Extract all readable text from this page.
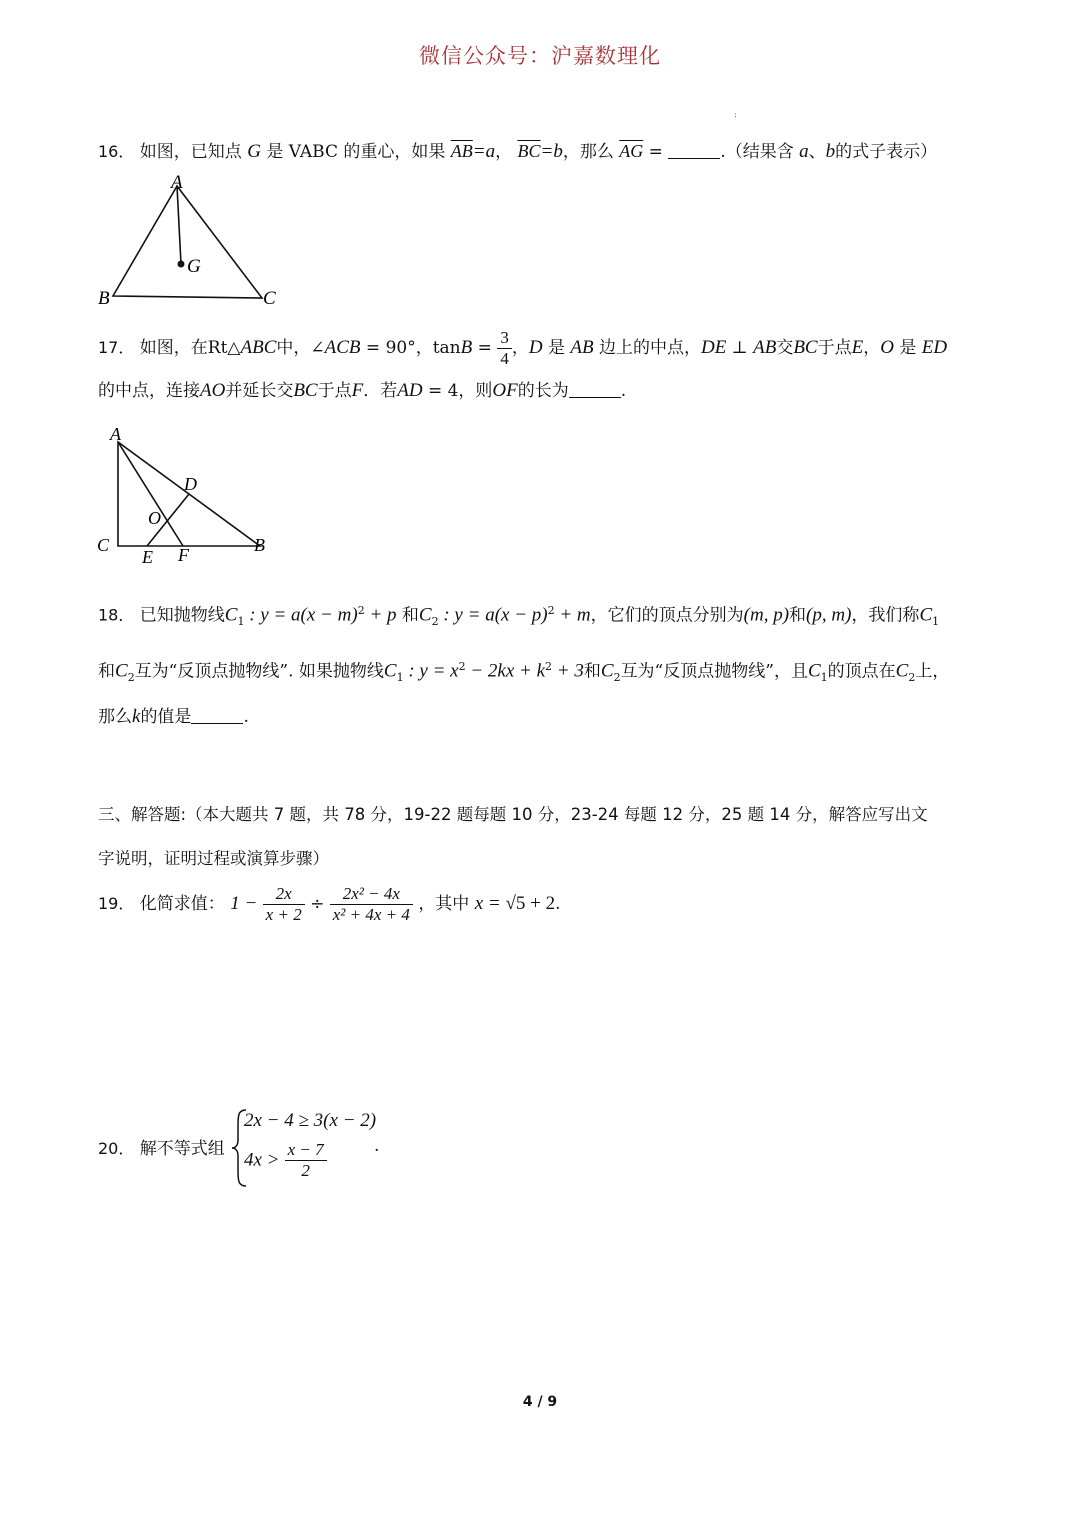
微信公众号：沪嘉数理化
:
16． 如图，已知点 G 是 VABC 的重心，如果 $\overline{AB}=a$， $\overline{BC}=b$，那么 $\overline{AG}$ =	.（结果含 a、b的式子表示）
A
G
B	C
17． 如图，在Rt△ABC中，∠ACB = 90°，$\tan B = \frac{3}{4}$ ，D 是 AB 边上的中点，DE ⊥ AB交BC于点E，O 是 ED
的中点，连接AO并延长交BC于点F．若AD = 4，则OF的长为	.
A
D
O
C
E F	B
18． 已知抛物线$C_1$ : $y = a(x - m)^2 + p$ 和$C_2$ : $y = a(x - p)^2 + m$，它们的顶点分别为(m, p)和(p, m)，我们称$C_1$
和$C_2$互为“反顶点抛物线”. 如果抛物线$C_1$ : $y = x^2 - 2kx + k^2 + 3$和$C_2$互为“反顶点抛物线”，且$C_1$的顶点在$C_2$上，
那么k的值是	.
三、解答题:（本大题共 7 题，共 78 分，19-22 题每题 10 分，23-24 每题 12 分，25 题 14 分，解答应写出文
字说明，证明过程或演算步骤）
19． 化简求值： $1 - \frac{2x}{x + 2} \div \frac{\text{2x² − 4x}}{\text{x² + 4x + 4}}$ ，其中 x = √5 + 2.
20． 解不等式组
2x − 4 ≥ 3(x − 2)
$4x > \frac{x - 7}{2}$	.
4 / 9
